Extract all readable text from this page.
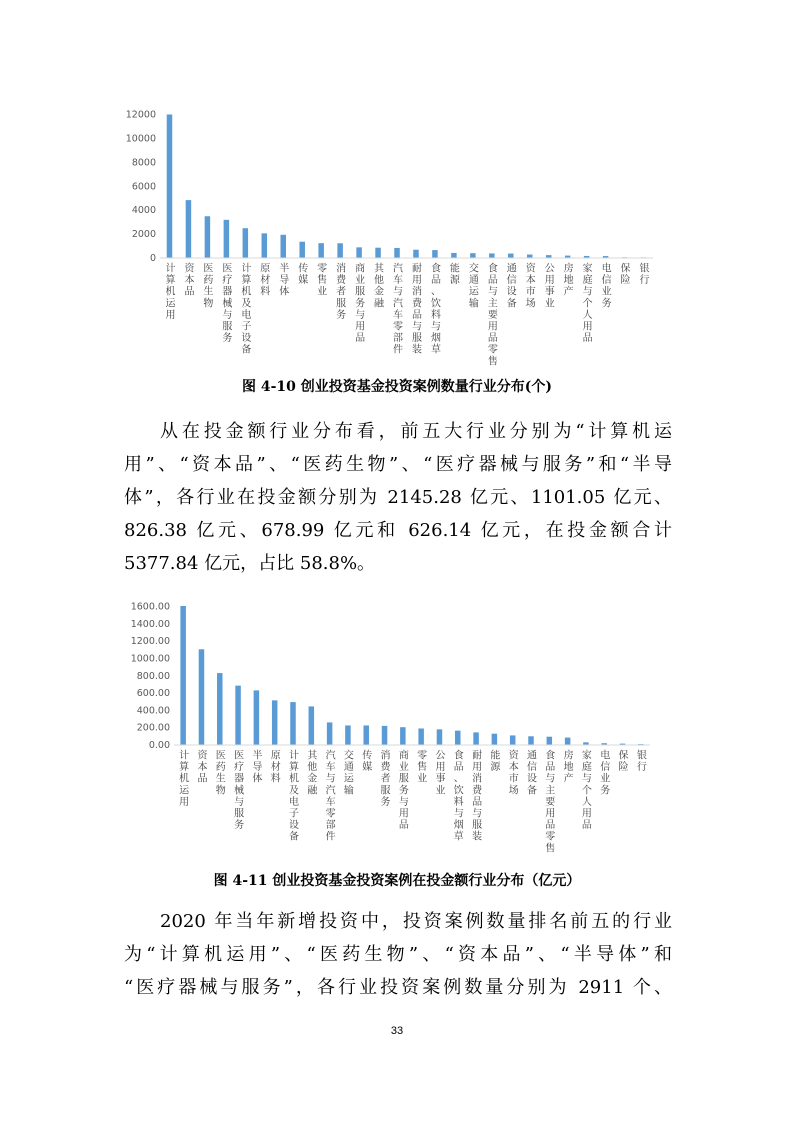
0
2000
4000
6000
8000
10000
12000
计算机运用
资本品
医药生物
医疗器械与服务
计算机及电子设备
原材料
半导体
传媒
零售业
消费者服务
商业服务与用品
其他金融
汽车与汽车零部件
耐用消费品与服装
食品、饮料与烟草
能源
交通运输
食品与主要用品零售
通信设备
资本市场
公用事业
房地产
家庭与个人用品
电信业务
保险
银行
图 4-10 创业投资基金投资案例数量行业分布(个)
从在投金额行业分布看，前五大行业分别为“计算机运
用”、“资本品”、“医药生物”、“医疗器械与服务”和“半导
体”，各行业在投金额分别为 2145.28 亿元、1101.05 亿元、
826.38 亿元、678.99 亿元和 626.14 亿元，在投金额合计
5377.84 亿元，占比 58.8%。
0.00
200.00
400.00
600.00
800.00
1000.00
1200.00
1400.00
1600.00
计算机运用
资本品
医药生物
医疗器械与服务
半导体
原材料
计算机及电子设备
其他金融
汽车与汽车零部件
交通运输
传媒
消费者服务
商业服务与用品
零售业
公用事业
食品、饮料与烟草
耐用消费品与服装
能源
资本市场
通信设备
食品与主要用品零售
房地产
家庭与个人用品
电信业务
保险
银行
图 4-11 创业投资基金投资案例在投金额行业分布（亿元）
2020 年当年新增投资中，投资案例数量排名前五的行业
为“计算机运用”、“医药生物”、“资本品”、“半导体”和
“医疗器械与服务”，各行业投资案例数量分别为 2911 个、
33
